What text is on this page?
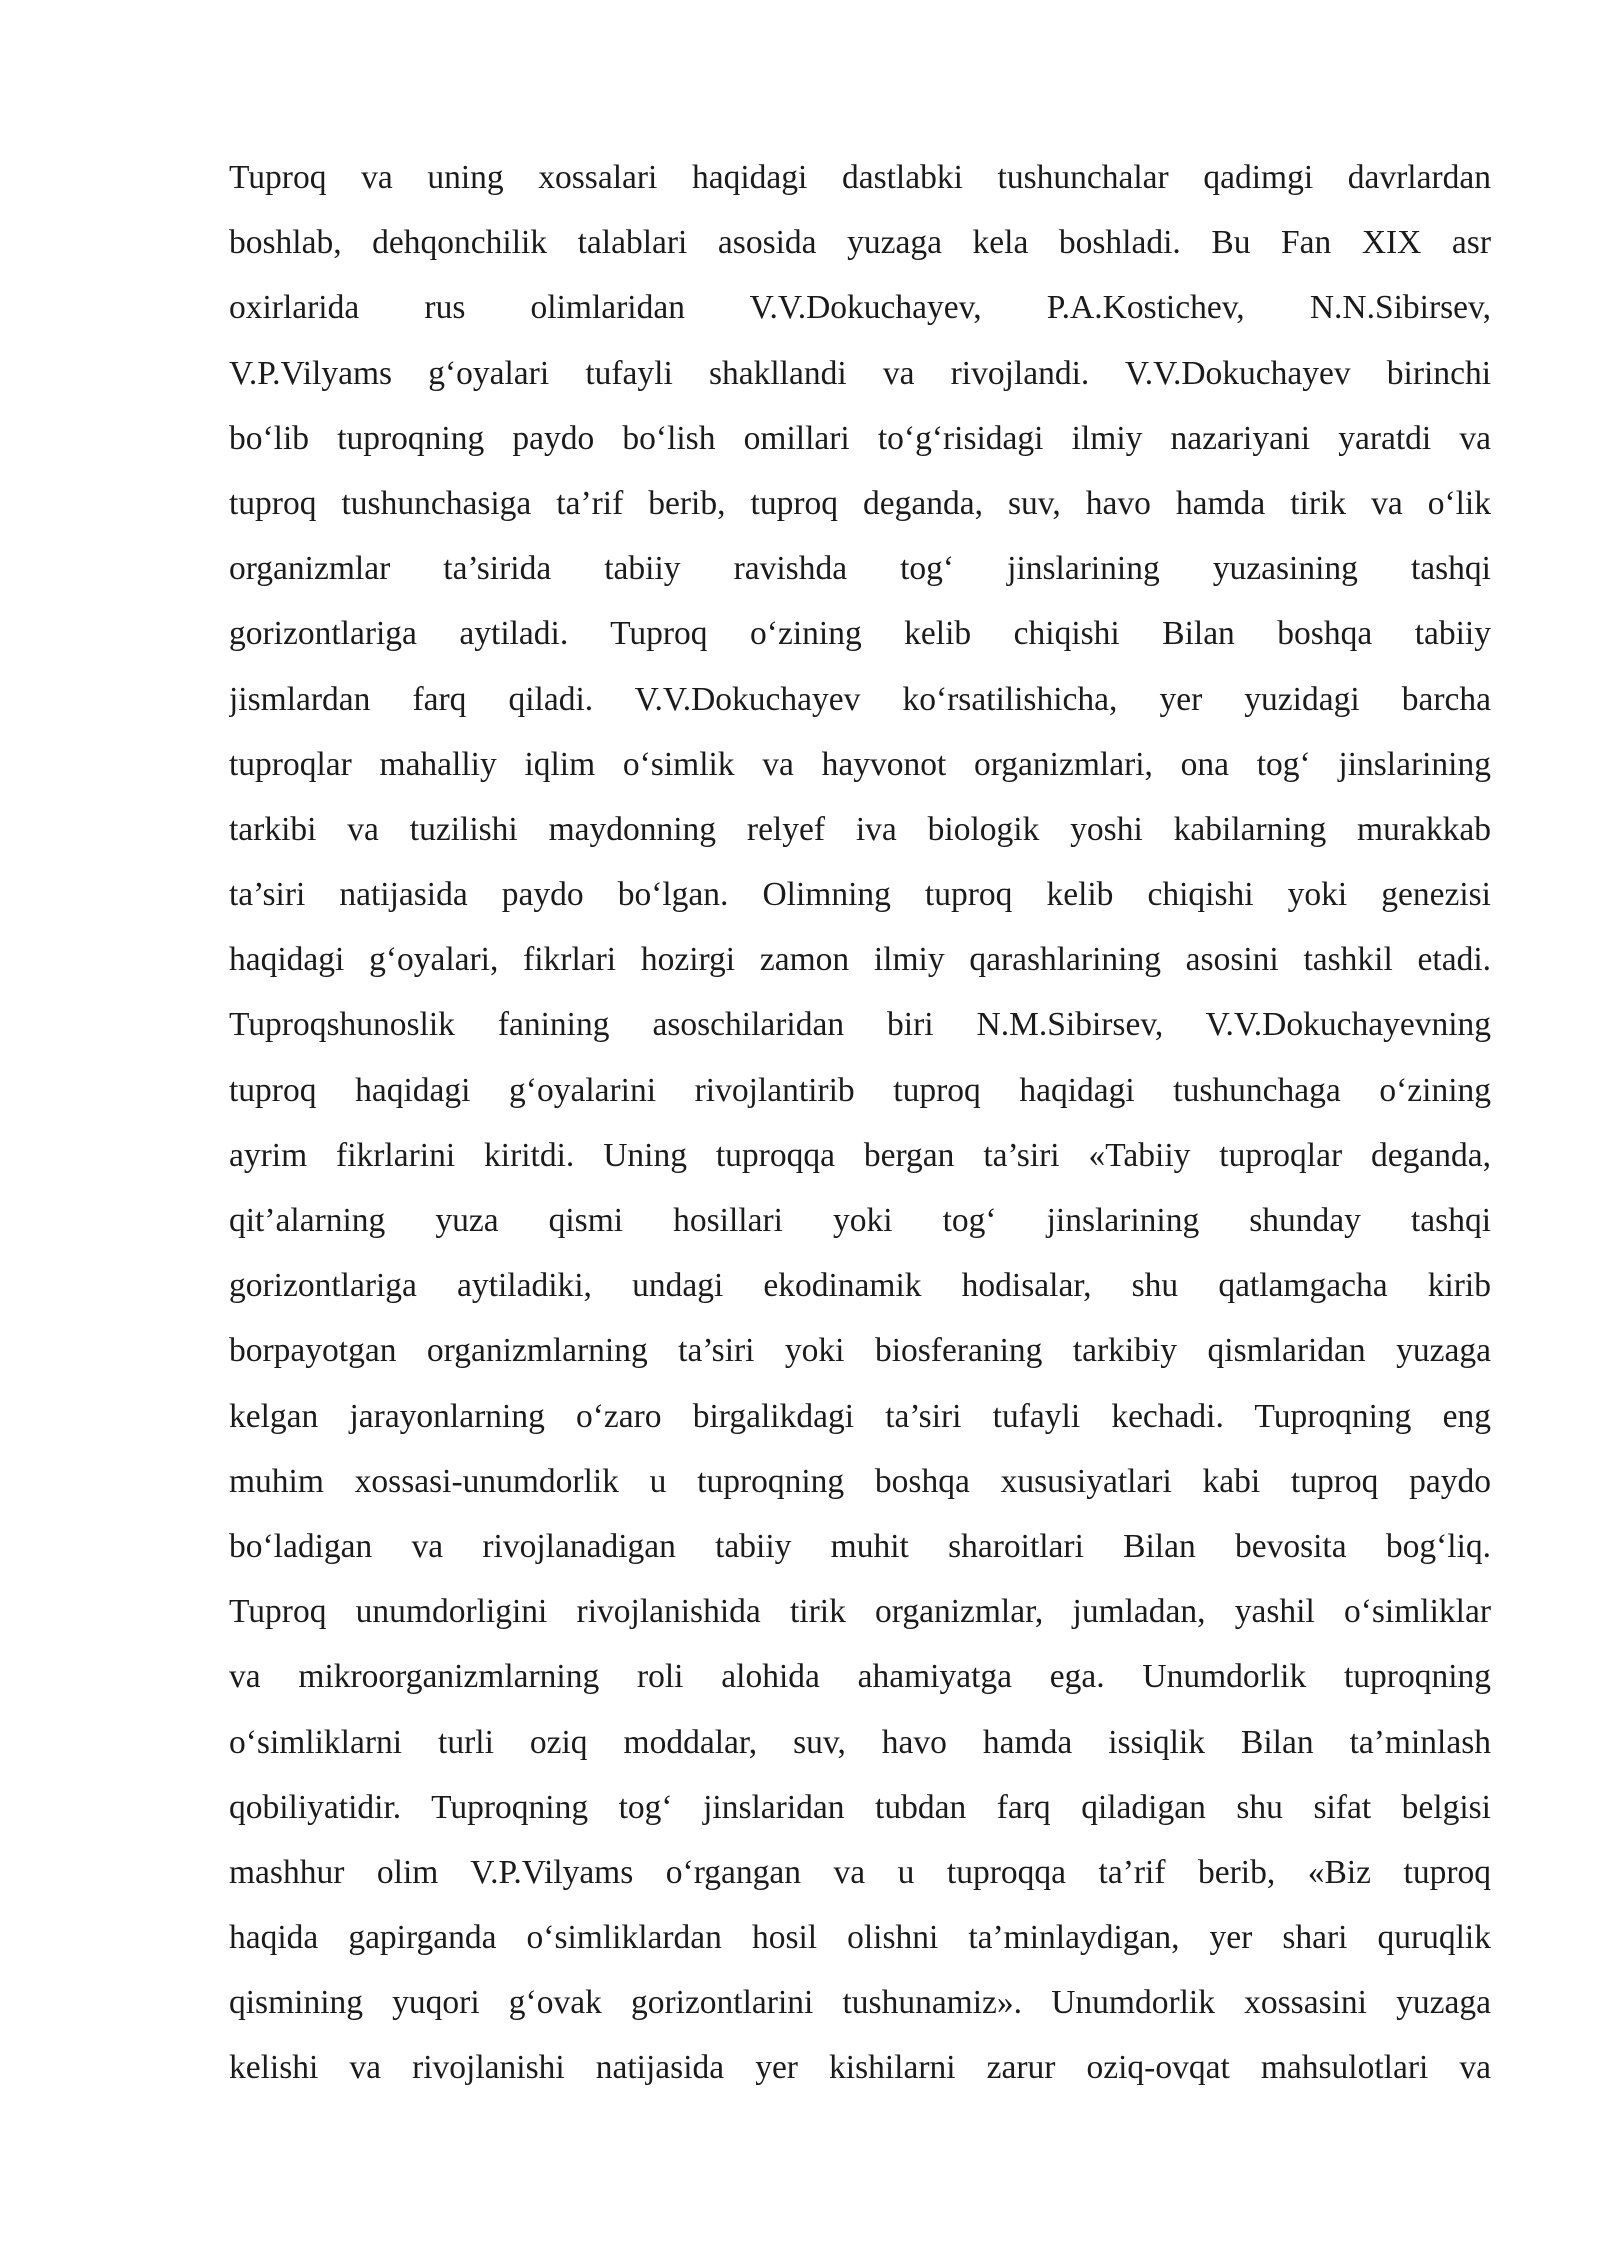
Tuproq va uning xossalari haqidagi dastlabki tushunchalar qadimgi davrlardan
boshlab, dehqonchilik talablari asosida yuzaga kela boshladi. Bu Fan XIX asr
oxirlarida rus olimlaridan V.V.Dokuchayev, P.A.Kostichev, N.N.Sibirsev,
V.P.Vilyams g‘oyalari tufayli shakllandi va rivojlandi. V.V.Dokuchayev birinchi
bo‘lib tuproqning paydo bo‘lish omillari to‘g‘risidagi ilmiy nazariyani yaratdi va
tuproq tushunchasiga ta’rif berib, tuproq deganda, suv, havo hamda tirik va o‘lik
organizmlar ta’sirida tabiiy ravishda tog‘ jinslarining yuzasining tashqi
gorizontlariga aytiladi. Tuproq o‘zining kelib chiqishi Bilan boshqa tabiiy
jismlardan farq qiladi. V.V.Dokuchayev ko‘rsatilishicha, yer yuzidagi barcha
tuproqlar mahalliy iqlim o‘simlik va hayvonot organizmlari, ona tog‘ jinslarining
tarkibi va tuzilishi maydonning relyef iva biologik yoshi kabilarning murakkab
ta’siri natijasida paydo bo‘lgan. Olimning tuproq kelib chiqishi yoki genezisi
haqidagi g‘oyalari, fikrlari hozirgi zamon ilmiy qarashlarining asosini tashkil etadi.
Tuproqshunoslik fanining asoschilaridan biri N.M.Sibirsev, V.V.Dokuchayevning
tuproq haqidagi g‘oyalarini rivojlantirib tuproq haqidagi tushunchaga o‘zining
ayrim fikrlarini kiritdi. Uning tuproqqa bergan ta’siri «Tabiiy tuproqlar deganda,
qit’alarning yuza qismi hosillari yoki tog‘ jinslarining shunday tashqi
gorizontlariga aytiladiki, undagi ekodinamik hodisalar, shu qatlamgacha kirib
borpayotgan organizmlarning ta’siri yoki biosferaning tarkibiy qismlaridan yuzaga
kelgan jarayonlarning o‘zaro birgalikdagi ta’siri tufayli kechadi. Tuproqning eng
muhim xossasi-unumdorlik u tuproqning boshqa xususiyatlari kabi tuproq paydo
bo‘ladigan va rivojlanadigan tabiiy muhit sharoitlari Bilan bevosita bog‘liq.
Tuproq unumdorligini rivojlanishida tirik organizmlar, jumladan, yashil o‘simliklar
va mikroorganizmlarning roli alohida ahamiyatga ega. Unumdorlik tuproqning
o‘simliklarni turli oziq moddalar, suv, havo hamda issiqlik Bilan ta’minlash
qobiliyatidir. Tuproqning tog‘ jinslaridan tubdan farq qiladigan shu sifat belgisi
mashhur olim V.P.Vilyams o‘rgangan va u tuproqqa ta’rif berib, «Biz tuproq
haqida gapirganda o‘simliklardan hosil olishni ta’minlaydigan, yer shari quruqlik
qismining yuqori g‘ovak gorizontlarini tushunamiz». Unumdorlik xossasini yuzaga
kelishi va rivojlanishi natijasida yer kishilarni zarur oziq-ovqat mahsulotlari va
